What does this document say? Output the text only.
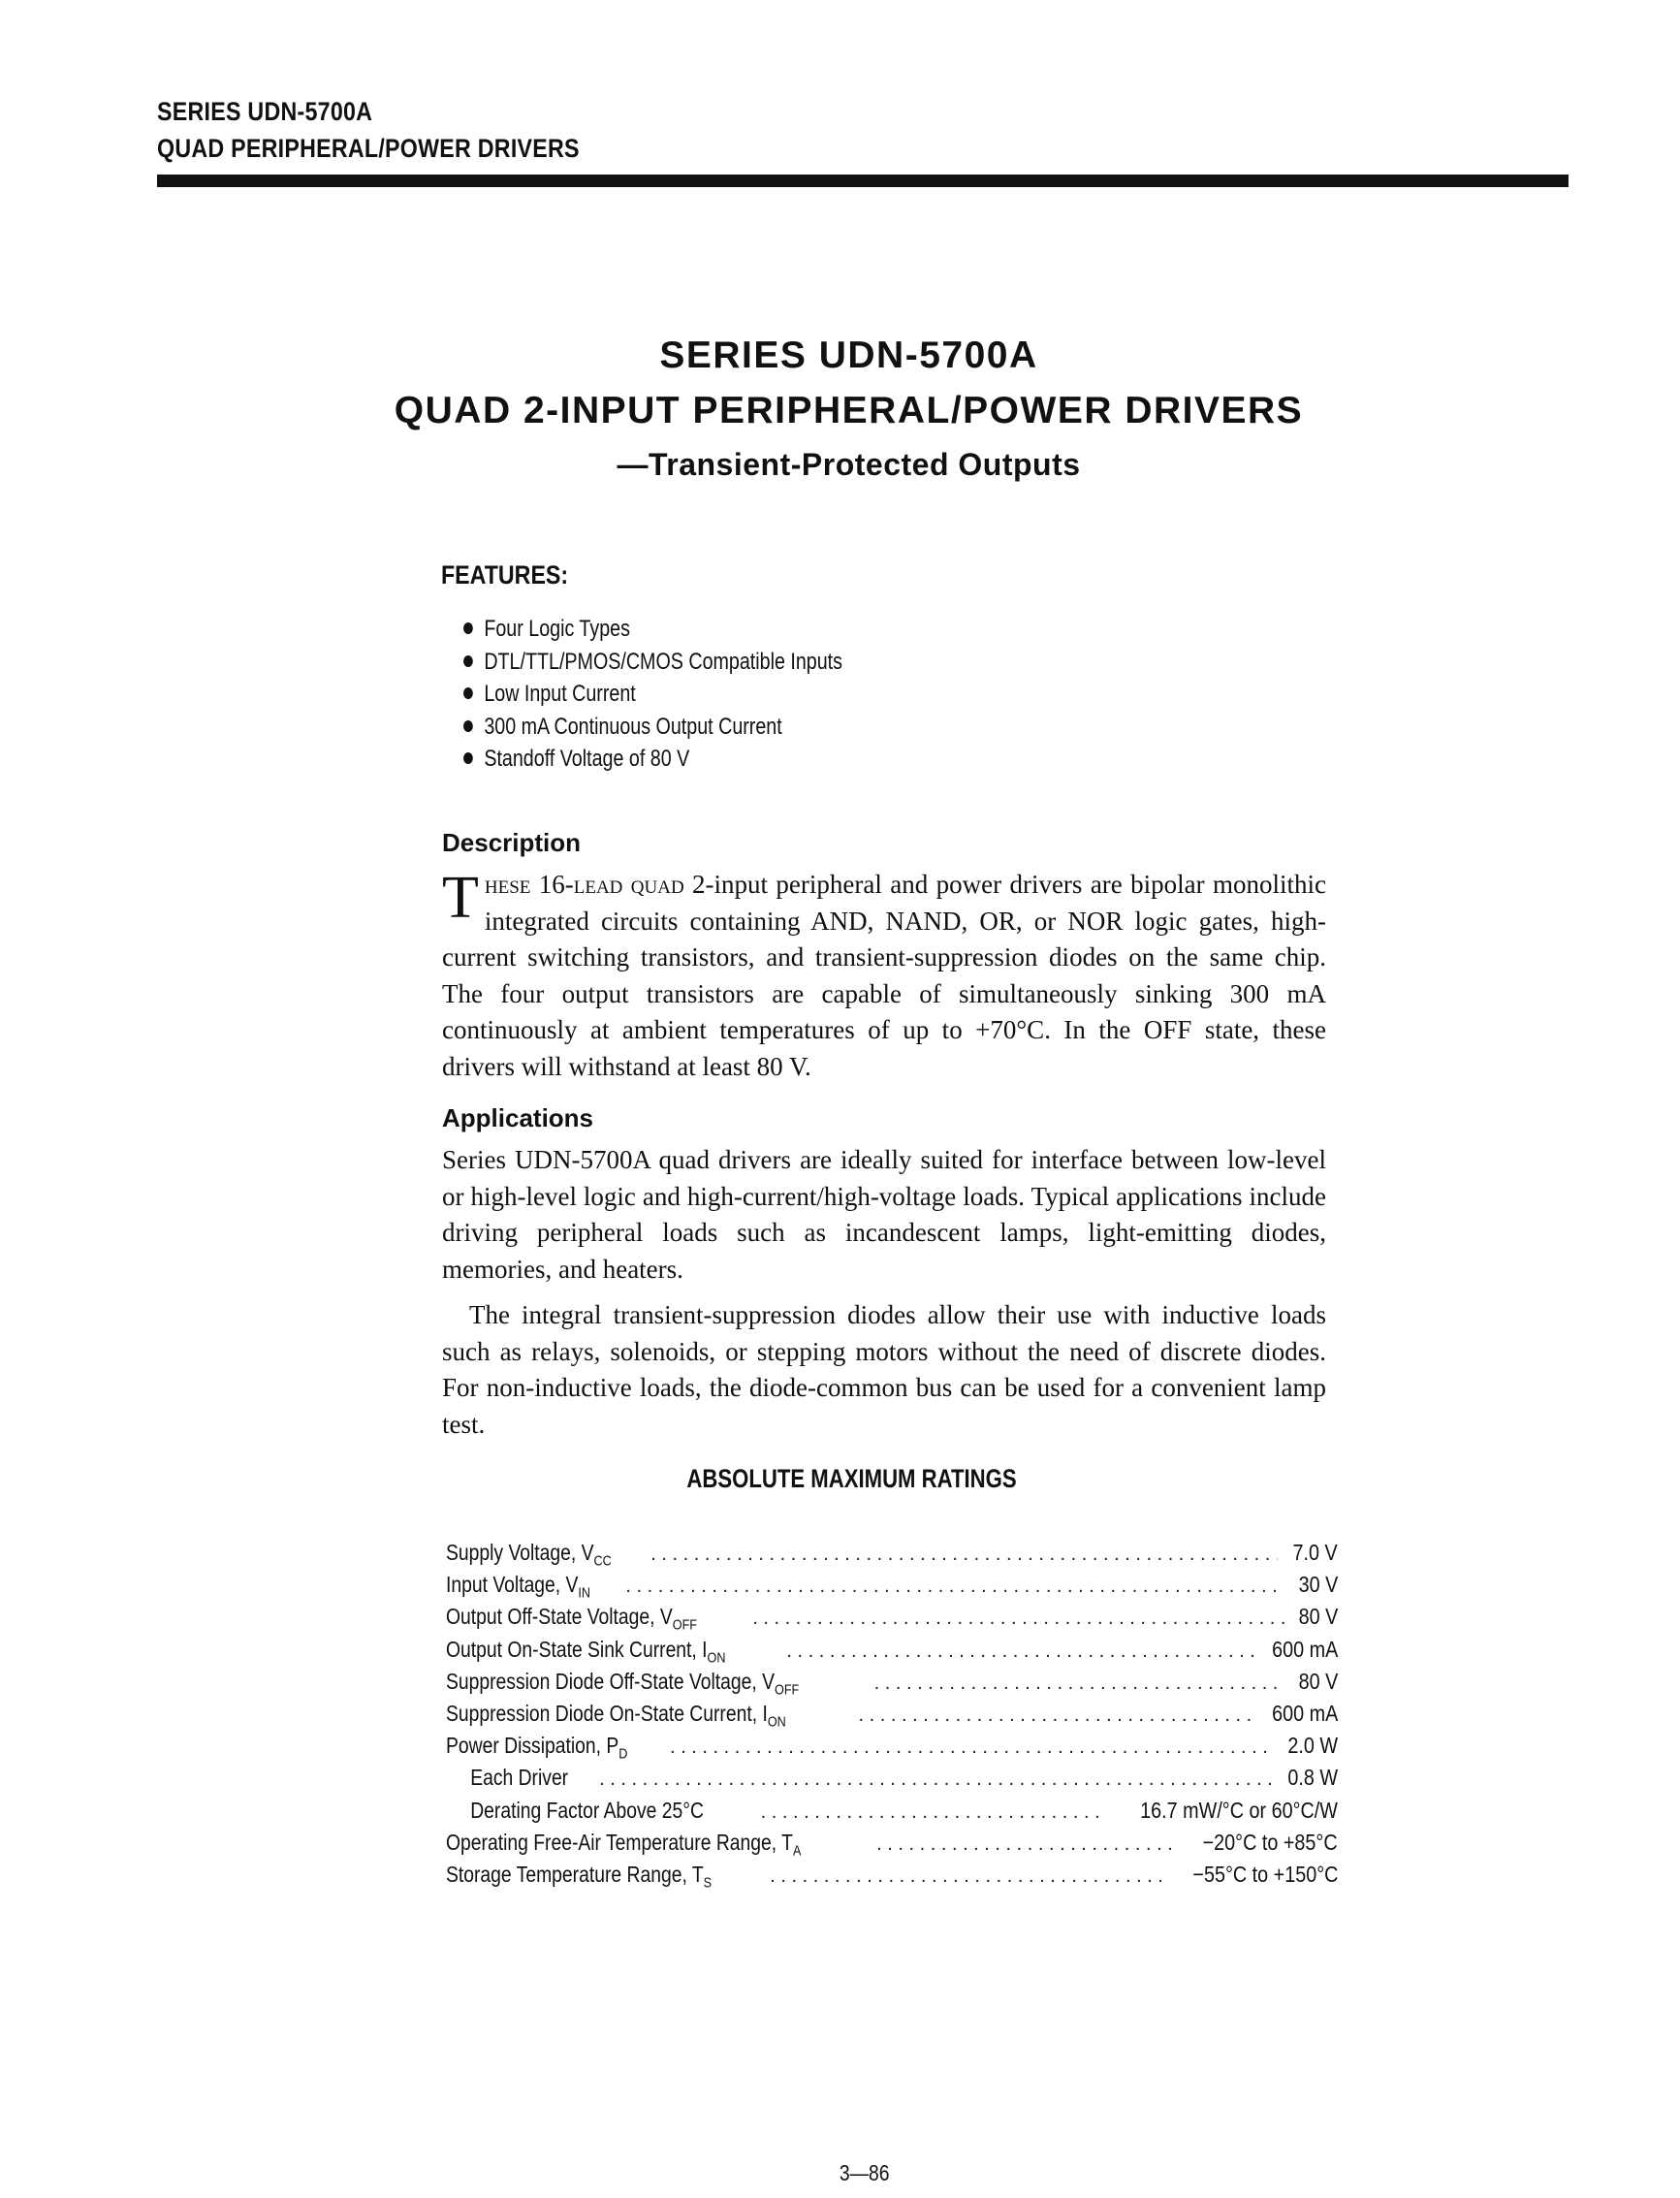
SERIES UDN-5700A
QUAD PERIPHERAL/POWER DRIVERS
SERIES UDN-5700A
QUAD 2-INPUT PERIPHERAL/POWER DRIVERS
—Transient-Protected Outputs
FEATURES:
Four Logic Types
DTL/TTL/PMOS/CMOS Compatible Inputs
Low Input Current
300 mA Continuous Output Current
Standoff Voltage of 80 V
Description

These 16-lead quad 2-input peripheral and power drivers are bipolar monolithic integrated circuits containing AND, NAND, OR, or NOR logic gates, high-current switching transistors, and transient-suppression diodes on the same chip. The four output transistors are capable of simultaneously sinking 300 mA continuously at ambient temperatures of up to +70°C. In the OFF state, these drivers will withstand at least 80 V.

Applications

Series UDN-5700A quad drivers are ideally suited for interface between low-level or high-level logic and high-current/high-voltage loads. Typical applications include driving peripheral loads such as incandescent lamps, light-emitting diodes, memories, and heaters.

The integral transient-suppression diodes allow their use with inductive loads such as relays, solenoids, or stepping motors without the need of discrete diodes. For non-inductive loads, the diode-common bus can be used for a convenient lamp test.

ABSOLUTE MAXIMUM RATINGS
Supply Voltage, $V_{CC}$ . . .	7.0 V
Input Voltage, $V_{IN}$ . . .	30 V
Output Off-State Voltage, $V_{OFF}$ . . .	80 V
Output On-State Sink Current, $I_{ON}$ . . .	600 mA
Suppression Diode Off-State Voltage, $V_{OFF}$ . . .	80 V
Suppression Diode On-State Current, $I_{ON}$ . . .	600 mA
Power Dissipation, $P_D$ . . .	2.0 W
Each Driver . . .	0.8 W
Derating Factor Above 25°C . . .	16.7 mW/°C or 60°C/W
Operating Free-Air Temperature Range, $T_A$ . . .	−20°C to +85°C
Storage Temperature Range, $T_S$ . . .	−55°C to +150°C
3—86
